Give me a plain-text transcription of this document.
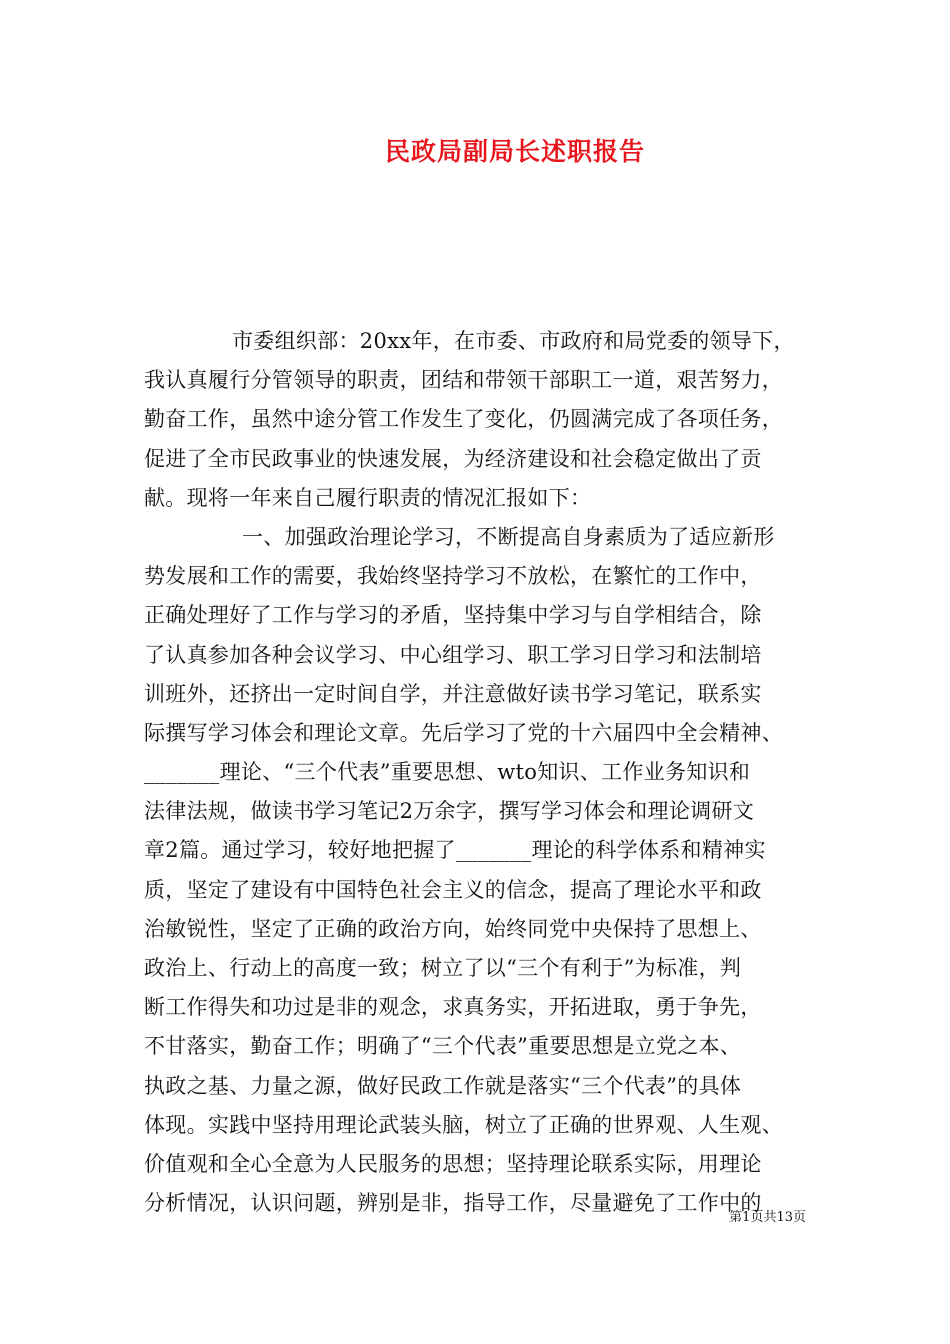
民政局副局长述职报告
市委组织部：20xx年，在市委、市政府和局党委的领导下，
我认真履行分管领导的职责，团结和带领干部职工一道，艰苦努力，
勤奋工作，虽然中途分管工作发生了变化，仍圆满完成了各项任务，
促进了全市民政事业的快速发展，为经济建设和社会稳定做出了贡
献。现将一年来自己履行职责的情况汇报如下：
一、加强政治理论学习，不断提高自身素质为了适应新形
势发展和工作的需要，我始终坚持学习不放松，在繁忙的工作中，
正确处理好了工作与学习的矛盾，坚持集中学习与自学相结合，除
了认真参加各种会议学习、中心组学习、职工学习日学习和法制培
训班外，还挤出一定时间自学，并注意做好读书学习笔记，联系实
际撰写学习体会和理论文章。先后学习了党的十六届四中全会精神、
_______理论、“三个代表”重要思想、wto知识、工作业务知识和
法律法规，做读书学习笔记2万余字，撰写学习体会和理论调研文
章2篇。通过学习，较好地把握了_______理论的科学体系和精神实
质，坚定了建设有中国特色社会主义的信念，提高了理论水平和政
治敏锐性，坚定了正确的政治方向，始终同党中央保持了思想上、
政治上、行动上的高度一致；树立了以“三个有利于”为标准，判
断工作得失和功过是非的观念，求真务实，开拓进取，勇于争先，
不甘落实，勤奋工作；明确了“三个代表”重要思想是立党之本、
执政之基、力量之源，做好民政工作就是落实“三个代表”的具体
体现。实践中坚持用理论武装头脑，树立了正确的世界观、人生观、
价值观和全心全意为人民服务的思想；坚持理论联系实际，用理论
分析情况，认识问题，辨别是非，指导工作，尽量避免了工作中的
第1页共13页
